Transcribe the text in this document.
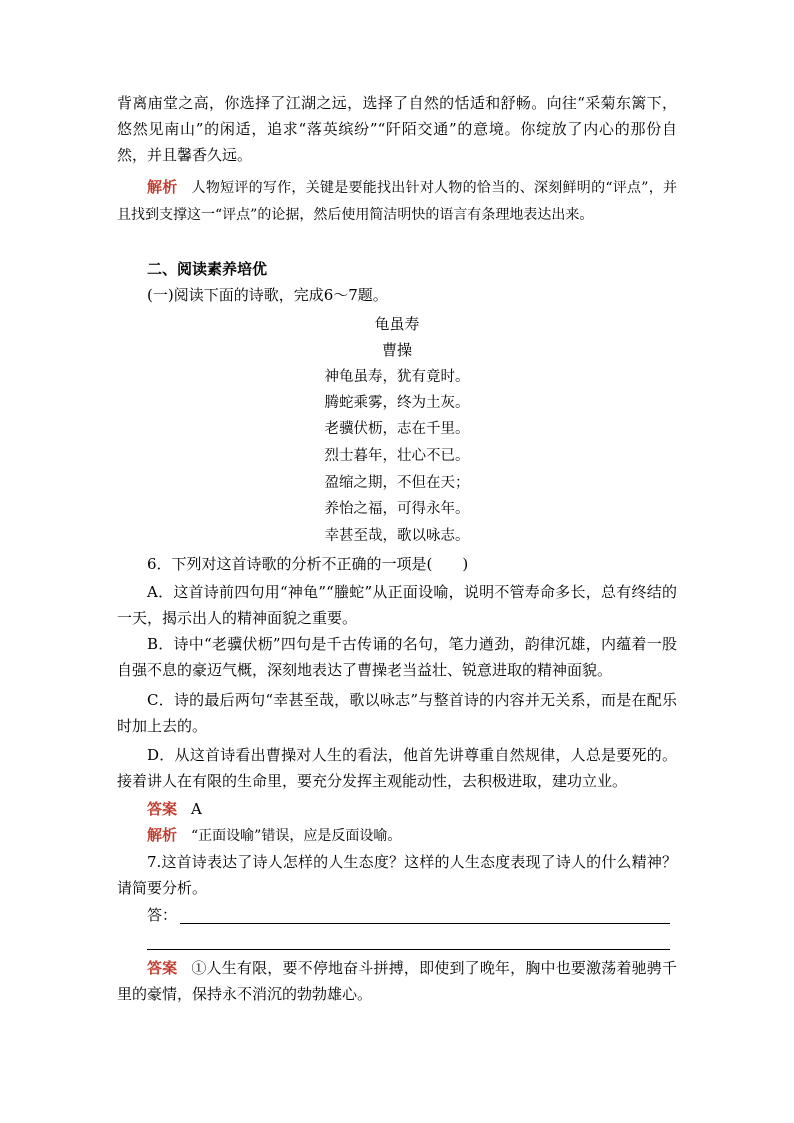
背离庙堂之高，你选择了江湖之远，选择了自然的恬适和舒畅。向往“采菊东篱下，悠然见南山”的闲适，追求“落英缤纷”“阡陌交通”的意境。你绽放了内心的那份自然，并且馨香久远。

解析 人物短评的写作，关键是要能找出针对人物的恰当的、深刻鲜明的“评点”，并且找到支撑这一“评点”的论据，然后使用简洁明快的语言有条理地表达出来。

二、阅读素养培优
(一)阅读下面的诗歌，完成6～7题。
龟虽寿
曹操
神龟虽寿，犹有竟时。
腾蛇乘雾，终为土灰。
老骥伏枥，志在千里。
烈士暮年，壮心不已。
盈缩之期，不但在天；
养怡之福，可得永年。
幸甚至哉，歌以咏志。
6．下列对这首诗歌的分析不正确的一项是(　　)

A．这首诗前四句用“神龟”“螣蛇”从正面设喻，说明不管寿命多长，总有终结的一天，揭示出人的精神面貌之重要。

B．诗中“老骥伏枥”四句是千古传诵的名句，笔力遒劲，韵律沉雄，内蕴着一股自强不息的豪迈气概，深刻地表达了曹操老当益壮、锐意进取的精神面貌。

C．诗的最后两句“幸甚至哉，歌以咏志”与整首诗的内容并无关系，而是在配乐时加上去的。

D．从这首诗看出曹操对人生的看法，他首先讲尊重自然规律，人总是要死的。接着讲人在有限的生命里，要充分发挥主观能动性，去积极进取，建功立业。

答案 A
解析 “正面设喻”错误，应是反面设喻。

7.这首诗表达了诗人怎样的人生态度？这样的人生态度表现了诗人的什么精神？请简要分析。

答：

答案 ①人生有限，要不停地奋斗拼搏，即使到了晚年，胸中也要激荡着驰骋千里的豪情，保持永不消沉的勃勃雄心。
